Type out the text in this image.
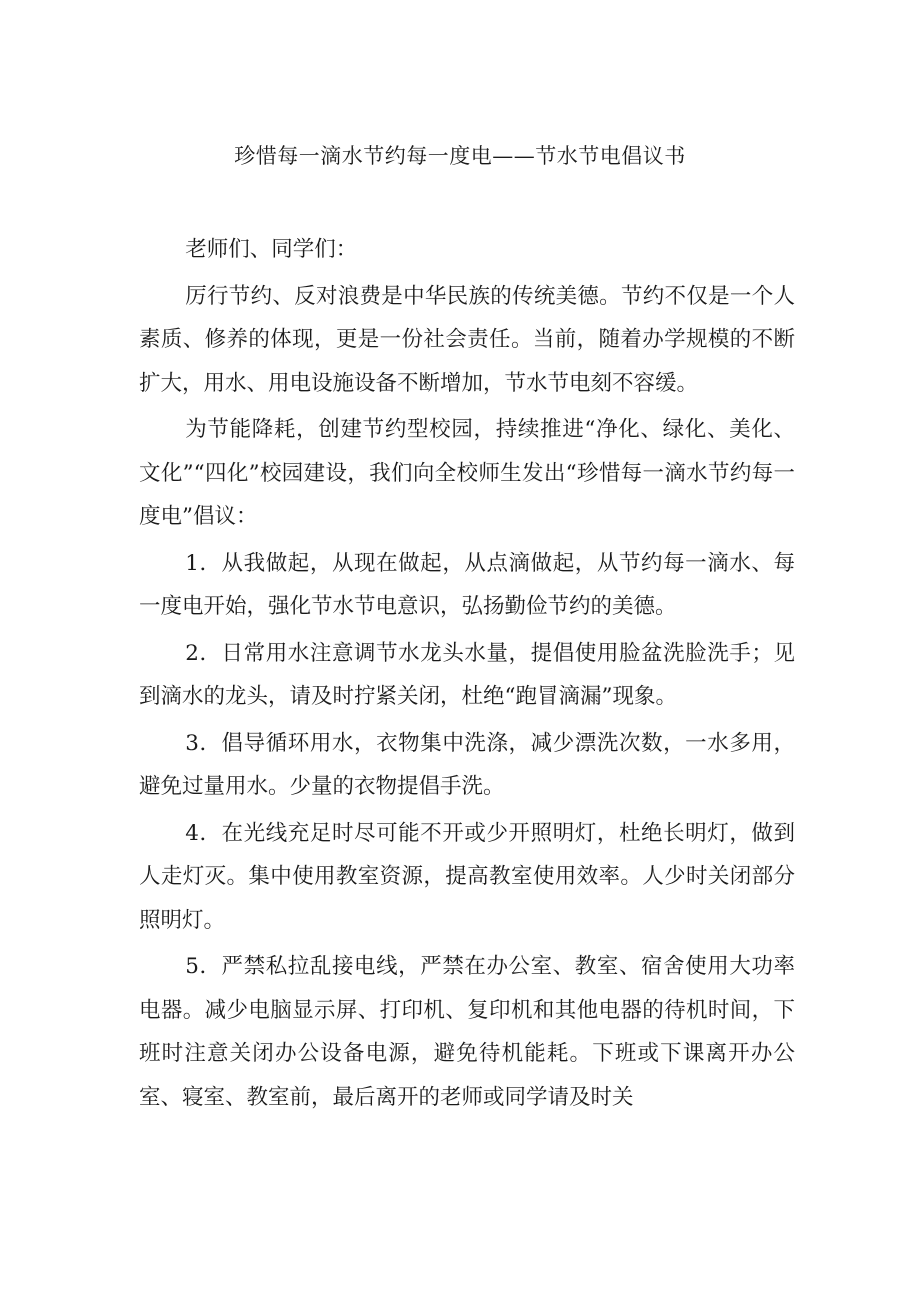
珍惜每一滴水节约每一度电——节水节电倡议书

老师们、同学们：

厉行节约、反对浪费是中华民族的传统美德。节约不仅是一个人素质、修养的体现，更是一份社会责任。当前，随着办学规模的不断扩大，用水、用电设施设备不断增加，节水节电刻不容缓。

为节能降耗，创建节约型校园，持续推进“净化、绿化、美化、文化”“四化”校园建设，我们向全校师生发出“珍惜每一滴水节约每一度电”倡议：

1．从我做起，从现在做起，从点滴做起，从节约每一滴水、每一度电开始，强化节水节电意识，弘扬勤俭节约的美德。

2．日常用水注意调节水龙头水量，提倡使用脸盆洗脸洗手；见到滴水的龙头，请及时拧紧关闭，杜绝“跑冒滴漏”现象。

3．倡导循环用水，衣物集中洗涤，减少漂洗次数，一水多用，避免过量用水。少量的衣物提倡手洗。

4．在光线充足时尽可能不开或少开照明灯，杜绝长明灯，做到人走灯灭。集中使用教室资源，提高教室使用效率。人少时关闭部分照明灯。

5．严禁私拉乱接电线，严禁在办公室、教室、宿舍使用大功率电器。减少电脑显示屏、打印机、复印机和其他电器的待机时间，下班时注意关闭办公设备电源，避免待机能耗。下班或下课离开办公室、寝室、教室前，最后离开的老师或同学请及时关
